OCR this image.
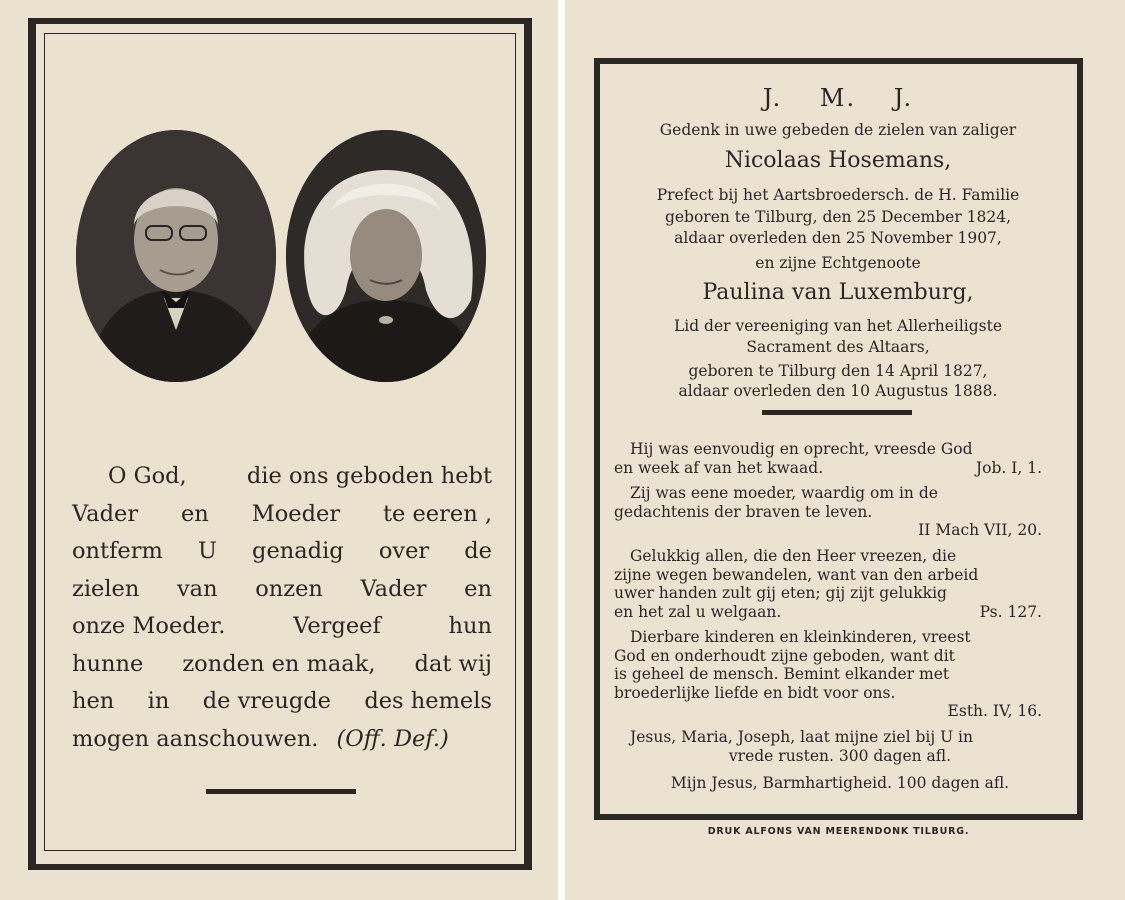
O God,	die ons geboden hebt
Vader en Moeder te eeren ,
ontferm U genadig over de
zielen van onzen Vader en
onze Moeder.	Vergeef	hun
hunne zonden en maak, dat wij
hen in de vreugde des hemels
mogen aanschouwen. (Off. Def.)
J. M. J.
Gedenk in uwe gebeden de zielen van zaliger
Nicolaas Hosemans,
Prefect bij het Aartsbroedersch. de H. Familie
geboren te Tilburg, den 25 December 1824,
aldaar overleden den 25 November 1907,
en zijne Echtgenoote
Paulina van Luxemburg,
Lid der vereeniging van het Allerheiligste
Sacrament des Altaars,
geboren te Tilburg den 14 April 1827,
aldaar overleden den 10 Augustus 1888.
Hij was eenvoudig en oprecht, vreesde God
en week af van het kwaad.	Job. I, 1.
Zij was eene moeder, waardig om in de
gedachtenis der braven te leven.
II Mach VII, 20.
Gelukkig allen, die den Heer vreezen, die
zijne wegen bewandelen, want van den arbeid
uwer handen zult gij eten; gij zijt gelukkig
en het zal u welgaan.	Ps. 127.
Dierbare kinderen en kleinkinderen, vreest
God en onderhoudt zijne geboden, want dit
is geheel de mensch. Bemint elkander met
broederlijke liefde en bidt voor ons.
Esth. IV, 16.
Jesus, Maria, Joseph, laat mijne ziel bij U in
vrede rusten. 300 dagen afl.
Mijn Jesus, Barmhartigheid. 100 dagen afl.
DRUK ALFONS VAN MEERENDONK TILBURG.
